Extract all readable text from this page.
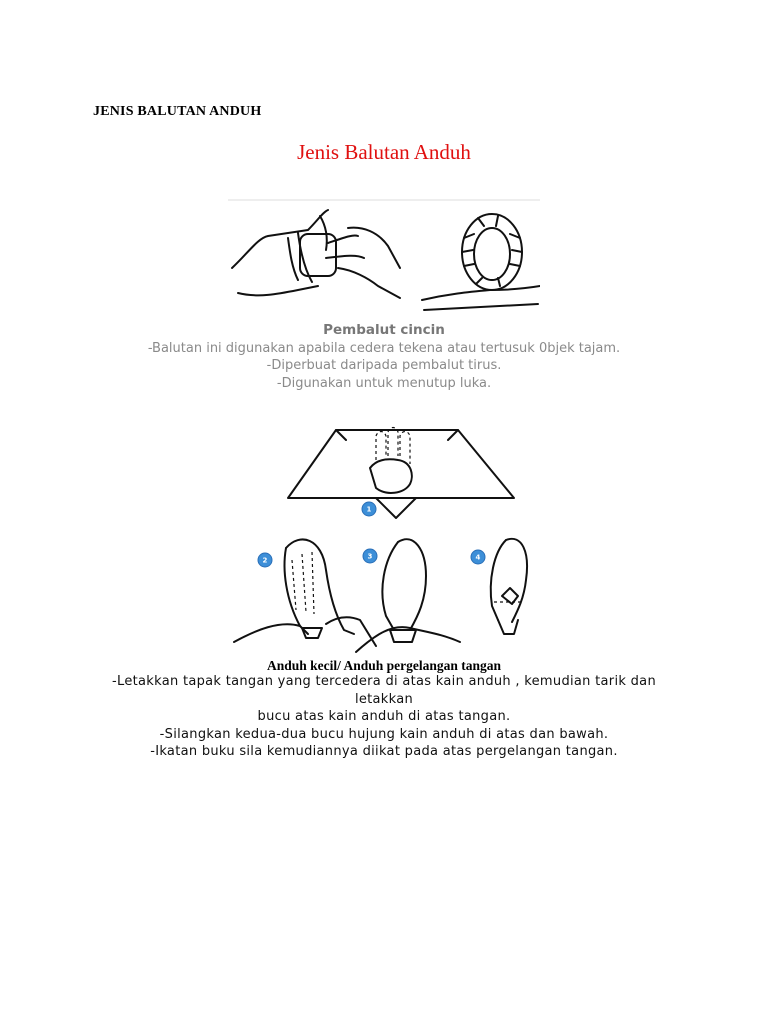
JENIS BALUTAN ANDUH
Jenis Balutan Anduh
Pembalut cincin
-Balutan ini digunakan apabila cedera tekena atau tertusuk 0bjek tajam.
-Diperbuat daripada pembalut tirus.
-Digunakan untuk menutup luka.
1
2	3	4
Anduh kecil/ Anduh pergelangan tangan
-Letakkan tapak tangan yang tercedera di atas kain anduh , kemudian tarik dan letakkan
bucu atas kain anduh di atas tangan.
-Silangkan kedua-dua bucu hujung kain anduh di atas dan bawah.
-Ikatan buku sila kemudiannya diikat pada atas pergelangan tangan.
